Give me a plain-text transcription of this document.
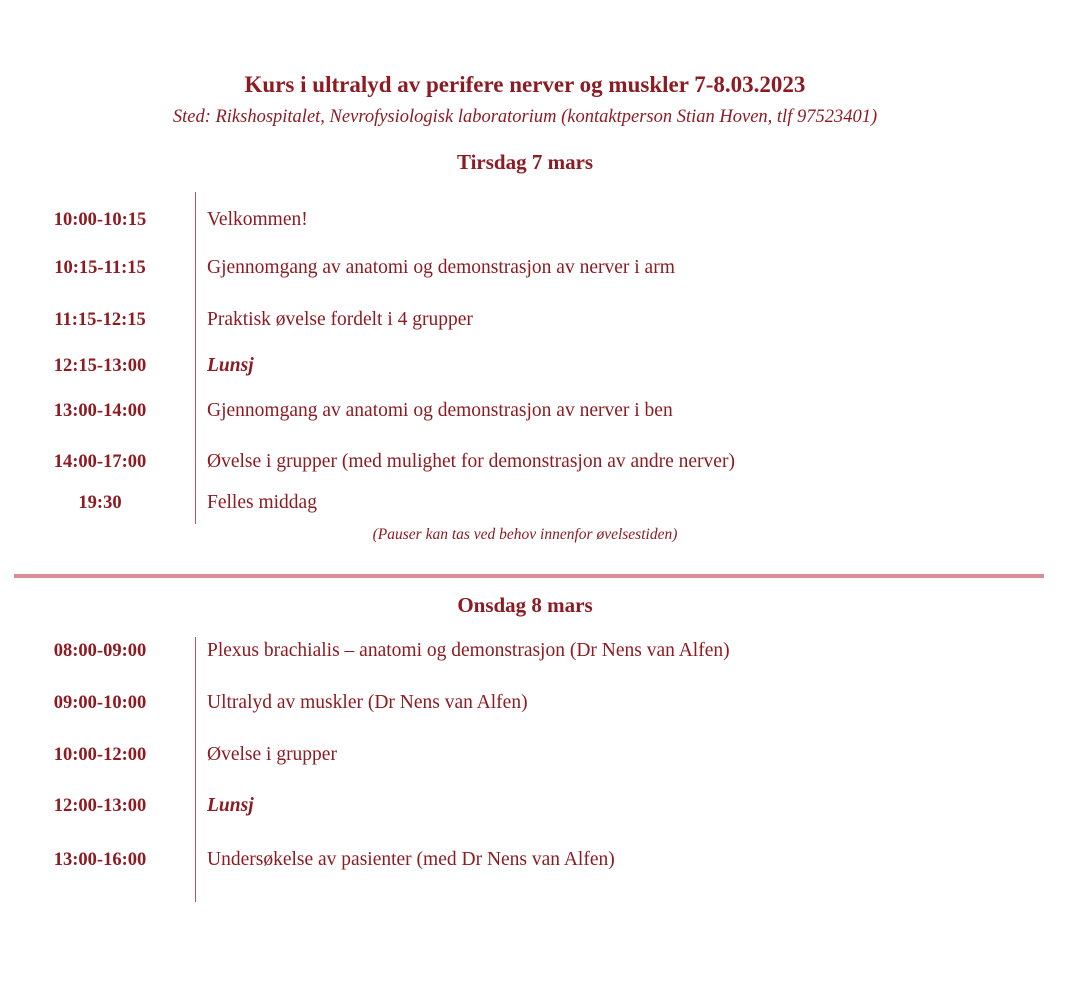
Kurs i ultralyd av perifere nerver og muskler 7-8.03.2023
Sted: Rikshospitalet, Nevrofysiologisk laboratorium (kontaktperson Stian Hoven, tlf 97523401)
Tirsdag 7 mars
10:00-10:15	Velkommen!
10:15-11:15	Gjennomgang av anatomi og demonstrasjon av nerver i arm
11:15-12:15	Praktisk øvelse fordelt i 4 grupper
12:15-13:00	Lunsj
13:00-14:00	Gjennomgang av anatomi og demonstrasjon av nerver i ben
14:00-17:00	Øvelse i grupper (med mulighet for demonstrasjon av andre nerver)
19:30	Felles middag
(Pauser kan tas ved behov innenfor øvelsestiden)
Onsdag 8 mars
08:00-09:00	Plexus brachialis – anatomi og demonstrasjon (Dr Nens van Alfen)
09:00-10:00	Ultralyd av muskler (Dr Nens van Alfen)
10:00-12:00	Øvelse i grupper
12:00-13:00	Lunsj
13:00-16:00	Undersøkelse av pasienter (med Dr Nens van Alfen)
